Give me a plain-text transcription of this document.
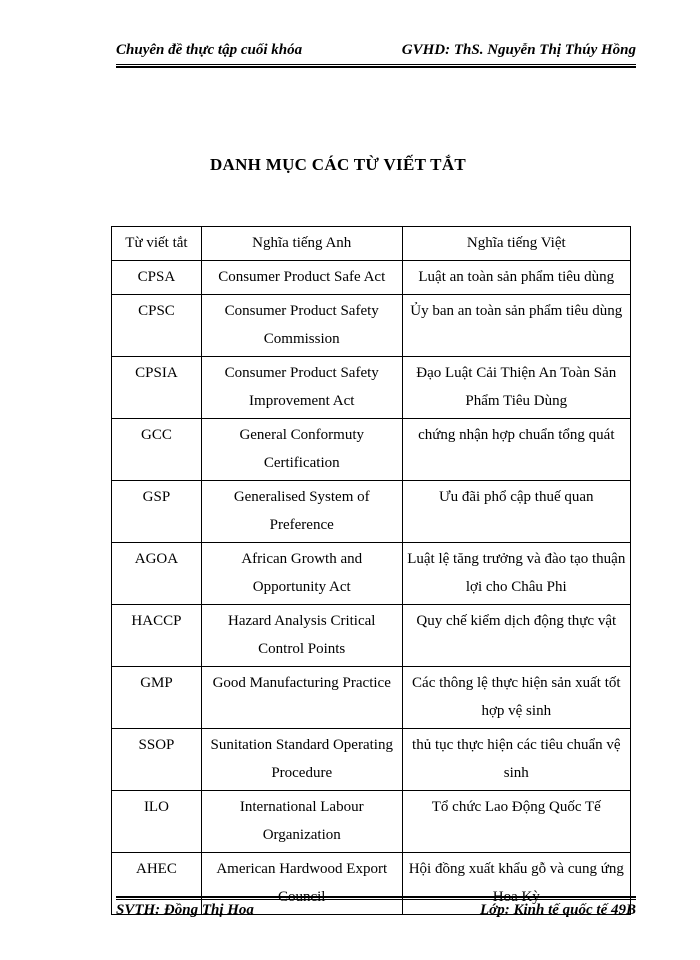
Chuyên đề thực tập cuối khóa	GVHD: ThS. Nguyễn Thị Thúy Hồng
DANH MỤC CÁC TỪ VIẾT TẮT
Từ viết tắt	Nghĩa tiếng Anh	Nghĩa tiếng Việt
CPSA	Consumer Product Safe Act	Luật an toàn sản phẩm tiêu dùng
CPSC	Consumer Product Safety Commission	Ủy ban an toàn sản phẩm tiêu dùng
CPSIA	Consumer Product Safety Improvement Act	Đạo Luật Cải Thiện An Toàn Sản Phẩm Tiêu Dùng
GCC	General Conformuty Certification	chứng nhận hợp chuẩn tổng quát
GSP	Generalised System of Preference	Ưu đãi phổ cập thuế quan
AGOA	African Growth and Opportunity Act	Luật lệ tăng trưởng và đào tạo thuận lợi cho Châu Phi
HACCP	Hazard Analysis Critical Control Points	Quy chế kiểm dịch động thực vật
GMP	Good Manufacturing Practice	Các thông lệ thực hiện sản xuất tốt hợp vệ sinh
SSOP	Sunitation Standard Operating Procedure	thủ tục thực hiện các tiêu chuẩn vệ sinh
ILO	International Labour Organization	Tổ chức Lao Động Quốc Tế
AHEC	American Hardwood Export Council	Hội đồng xuất khẩu gỗ và cung ứng Hoa Kỳ
SVTH: Đồng Thị Hoa	Lớp: Kinh tế quốc tế 49B
